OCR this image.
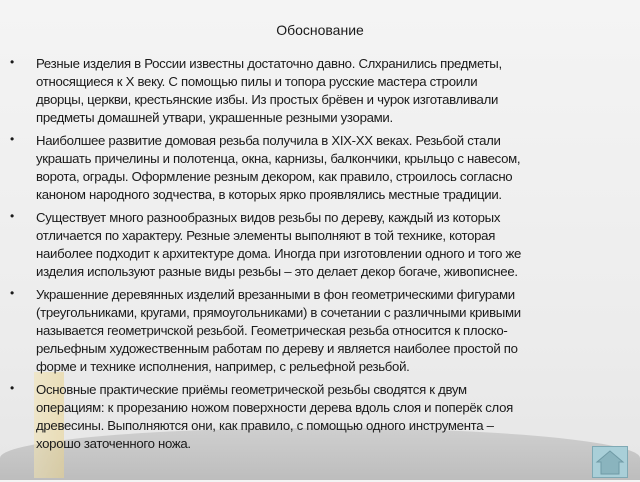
Обоснование
• Резные изделия в России известны достаточно давно. Слхранились предметы,
относящиеся к X веку. С помощью пилы и топора русские мастера строили
дворцы, церкви, крестьянские избы. Из простых брёвен и чурок изготавливали
предметы домашней утвари, украшенные резными узорами.
• Наиболшее развитие домовая резьба получила в XIX-XX веках. Резьбой стали
украшать причелины и полотенца, окна, карнизы, балкончики, крыльцо с навесом,
ворота, ограды. Оформление резным декором, как правило, строилось согласно
каноном народного зодчества, в которых ярко проявлялись местные традиции.
• Существует много разнообразных видов резьбы по дереву, каждый из которых
отличается по характеру. Резные элементы выполняют в той технике, которая
наиболее подходит к архитектуре дома. Иногда при изготовлении одного и того же
изделия используют разные виды резьбы – это делает декор богаче, живописнее.
• Украшенние деревянных изделий врезанными в фон геометрическими фигурами
(треугольниками, кругами, прямоугольниками) в сочетании с различными кривыми
называется геометричской резьбой. Геометрическая резьба относится к плоско-
рельефным художественным работам по дереву и является наиболее простой по
форме и технике исполнения, например, с рельефной резьбой.
• Основные практические приёмы геометрической резьбы сводятся к двум
операциям: к прорезанию ножом поверхности дерева вдоль слоя и поперёк слоя
древесины. Выполняются они, как правило, с помощью одного инструмента –
хорошо заточенного ножа.
